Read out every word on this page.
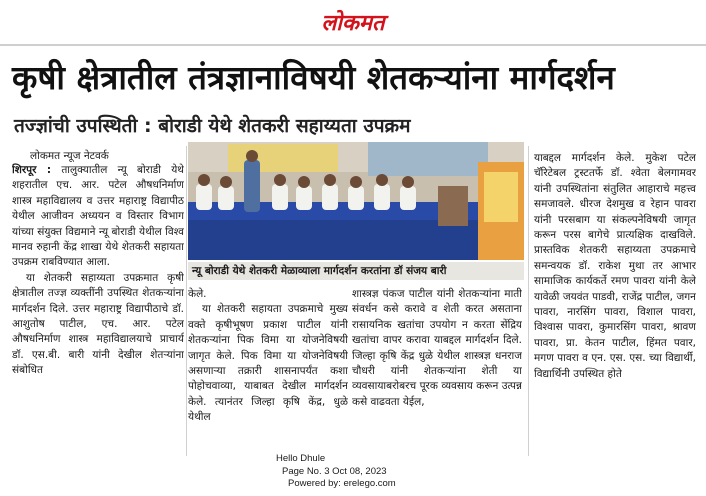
लोकमत
कृषी क्षेत्रातील तंत्रज्ञानाविषयी शेतकऱ्यांना मार्गदर्शन
तज्ज्ञांची उपस्थिती : बोराडी येथे शेतकरी सहाय्यता उपक्रम
लोकमत न्यूज नेटवर्क

शिरपूर : तालुक्यातील न्यू बोराडी येथे शहरातील एच. आर. पटेल औषधनिर्माण शास्त्र महाविद्यालय व उत्तर महाराष्ट्र विद्यापीठ येथील आजीवन अध्ययन व विस्तार विभाग यांच्या संयुक्त विद्यमाने न्यू बोराडी येथील विश्व मानव रुहानी केंद्र शाखा येथे शेतकरी सहायता उपक्रम राबविण्यात आला.

या शेतकरी सहाय्यता उपक्रमात कृषी क्षेत्रातील तज्ज्ञ व्यक्तींनी उपस्थित शेतकऱ्यांना मार्गदर्शन दिले. उत्तर महाराष्ट्र विद्यापीठाचे डॉ. आशुतोष पाटील, एच. आर. पटेल औषधनिर्माण शास्त्र महाविद्यालयाचे प्राचार्य डॉ. एस.बी. बारी यांनी देखील शेतऱ्यांना संबोधित

न्यू बोराडी येथे शेतकरी मेळाव्याला मार्गदर्शन करतांना डॉ संजय बारी

केले.

या शेतकरी सहायता उपक्रमाचे मुख्य वक्ते कृषीभूषण प्रकाश पाटील यांनी शेतकऱ्यांना पिक विमा या योजनेविषयी जागृत केले. पिक विमा या योजनेविषयी असणाऱ्या तक्रारी शासनापर्यंत कशा पोहोचवाव्या, याबाबत देखील मार्गदर्शन केले. त्यानंतर जिल्हा कृषि केंद्र, धुळे येथील

शास्त्रज्ञ पंकज पाटील यांनी शेतकऱ्यांना माती संवर्धन कसे करावे व शेती करत असताना रासायनिक खतांचा उपयोग न करता सेंद्रिय खतांचा वापर करावा याबद्दल मार्गदर्शन दिले. जिल्हा कृषि केंद्र धुळे येथील शास्त्रज्ञ धनराज चौधरी यांनी शेतकऱ्यांना शेती या व्यवसायाबरोबरच पूरक व्यवसाय करून उत्पन्न कसे वाढवता येईल,

याबद्दल मार्गदर्शन केले. मुकेश पटेल चॅरिटेबल ट्रस्टतर्फे डॉ. श्वेता बेलगामवर यांनी उपस्थितांना संतुलित आहाराचे महत्त्व समजावले. धीरज देशमुख व रेहान पावरा यांनी परसबाग या संकल्पनेविषयी जागृत करून परस बागेचे प्रात्यक्षिक दाखविले. प्रास्तविक शेतकरी सहाय्यता उपक्रमाचे समन्वयक डॉ. राकेश मुथा तर आभार सामाजिक कार्यकर्ते रमण पावरा यांनी केले यावेळी जयवंत पाडवी, राजेंद्र पाटील, जगन पावरा, नारसिंग पावरा, विशाल पावरा, विश्वास पावरा, कुमारसिंग पावरा, श्रावण पावरा, प्रा. केतन पाटील, हिंमत पवार, मगण पावरा व एन. एस. एस. च्या विद्यार्थी, विद्यार्थिनी उपस्थित होते

Hello Dhule
Page No. 3 Oct 08, 2023
Powered by: erelego.com
